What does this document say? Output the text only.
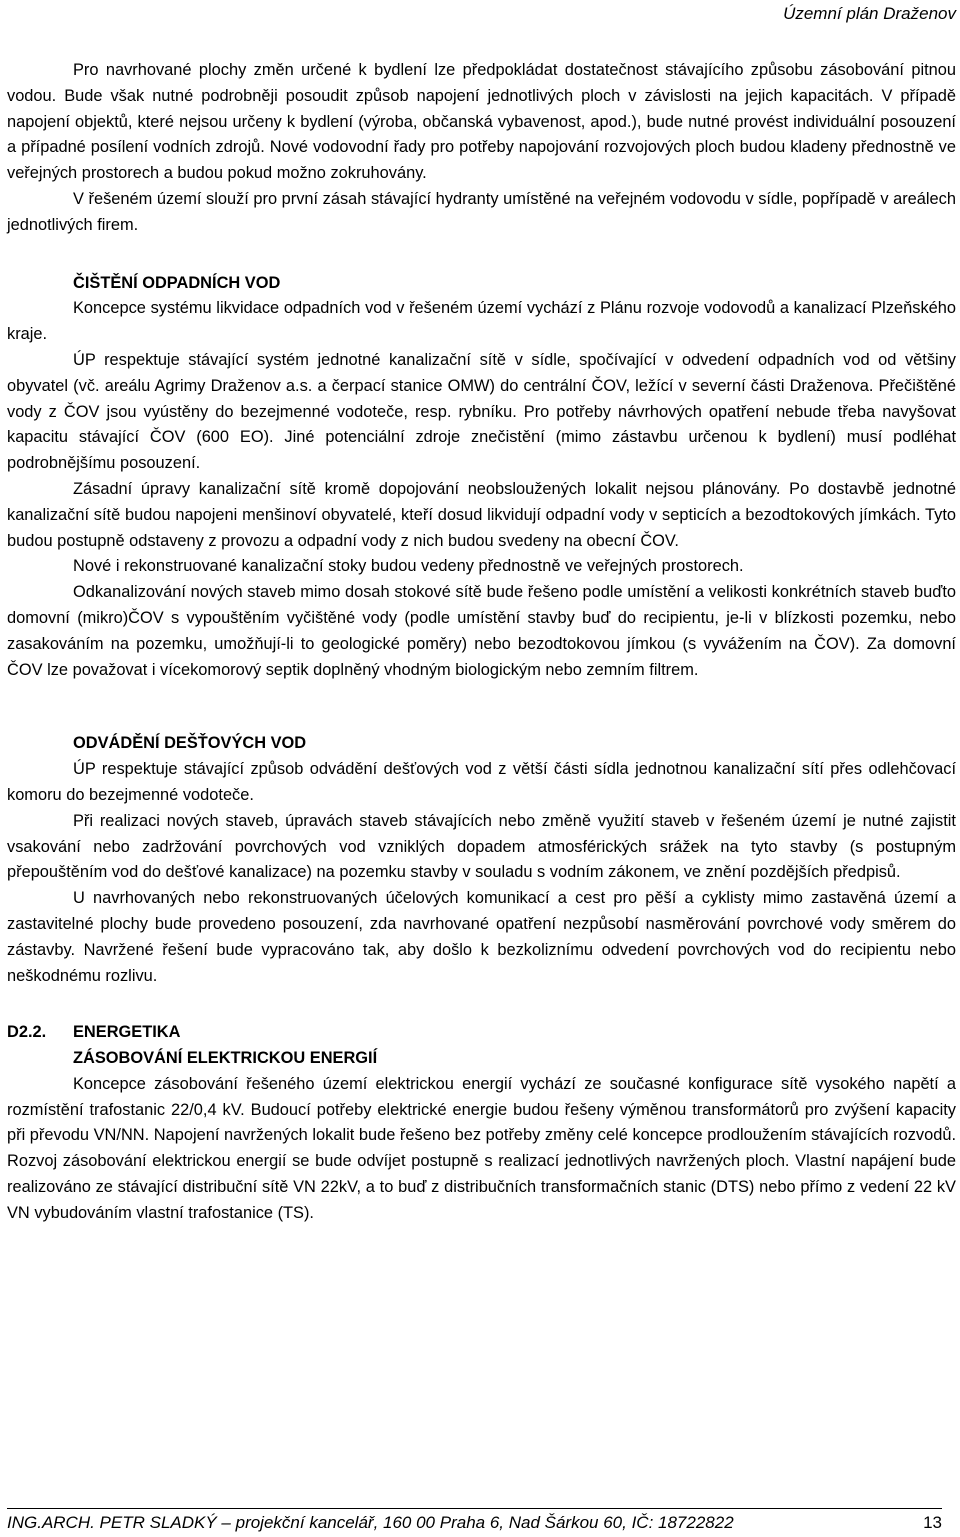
Územní plán Draženov

Pro navrhované plochy změn určené k bydlení lze předpokládat dostatečnost stávajícího způsobu zásobování pitnou vodou. Bude však nutné podrobněji posoudit způsob napojení jednotlivých ploch v závislosti na jejich kapacitách. V případě napojení objektů, které nejsou určeny k bydlení (výroba, občanská vybavenost, apod.), bude nutné provést individuální posouzení a případné posílení vodních zdrojů. Nové vodovodní řady pro potřeby napojování rozvojových ploch budou kladeny přednostně ve veřejných prostorech a budou pokud možno zokruhovány.

V řešeném území slouží pro první zásah stávající hydranty umístěné na veřejném vodovodu v sídle, popřípadě v areálech jednotlivých firem.

ČIŠTĚNÍ ODPADNÍCH VOD

Koncepce systému likvidace odpadních vod v řešeném území vychází z Plánu rozvoje vodovodů a kanalizací Plzeňského kraje.

ÚP respektuje stávající systém jednotné kanalizační sítě v sídle, spočívající v odvedení odpadních vod od většiny obyvatel (vč. areálu Agrimy Draženov a.s. a čerpací stanice OMW) do centrální ČOV, ležící v severní části Draženova. Přečištěné vody z ČOV jsou vyústěny do bezejmenné vodoteče, resp. rybníku. Pro potřeby návrhových opatření nebude třeba navyšovat kapacitu stávající ČOV (600 EO). Jiné potenciální zdroje znečistění (mimo zástavbu určenou k bydlení) musí podléhat podrobnějšímu posouzení.

Zásadní úpravy kanalizační sítě kromě dopojování neobsloužených lokalit nejsou plánovány. Po dostavbě jednotné kanalizační sítě budou napojeni menšinoví obyvatelé, kteří dosud likvidují odpadní vody v septicích a bezodtokových jímkách. Tyto budou postupně odstaveny z provozu a odpadní vody z nich budou svedeny na obecní ČOV.

Nové i rekonstruované kanalizační stoky budou vedeny přednostně ve veřejných prostorech.

Odkanalizování nových staveb mimo dosah stokové sítě bude řešeno podle umístění a velikosti konkrétních staveb buďto domovní (mikro)ČOV s vypouštěním vyčištěné vody (podle umístění stavby buď do recipientu, je-li v blízkosti pozemku, nebo zasakováním na pozemku, umožňují-li to geologické poměry) nebo bezodtokovou jímkou (s vyvážením na ČOV). Za domovní ČOV lze považovat i vícekomorový septik doplněný vhodným biologickým nebo zemním filtrem.

ODVÁDĚNÍ DEŠŤOVÝCH VOD

ÚP respektuje stávající způsob odvádění dešťových vod z větší části sídla jednotnou kanalizační sítí přes odlehčovací komoru do bezejmenné vodoteče.

Při realizaci nových staveb, úpravách staveb stávajících nebo změně využití staveb v řešeném území je nutné zajistit vsakování nebo zadržování povrchových vod vzniklých dopadem atmosférických srážek na tyto stavby (s postupným přepouštěním vod do dešťové kanalizace) na pozemku stavby v souladu s vodním zákonem, ve znění pozdějších předpisů.

U navrhovaných nebo rekonstruovaných účelových komunikací a cest pro pěší a cyklisty mimo zastavěná území a zastavitelné plochy bude provedeno posouzení, zda navrhované opatření nezpůsobí nasměrování povrchové vody směrem do zástavby. Navržené řešení bude vypracováno tak, aby došlo k bezkoliznímu odvedení povrchových vod do recipientu nebo neškodnému rozlivu.

D2.2.	ENERGETIKA

ZÁSOBOVÁNÍ ELEKTRICKOU ENERGIÍ

Koncepce zásobování řešeného území elektrickou energií vychází ze současné konfigurace sítě vysokého napětí a rozmístění trafostanic 22/0,4 kV. Budoucí potřeby elektrické energie budou řešeny výměnou transformátorů pro zvýšení kapacity při převodu VN/NN. Napojení navržených lokalit bude řešeno bez potřeby změny celé koncepce prodloužením stávajících rozvodů. Rozvoj zásobování elektrickou energií se bude odvíjet postupně s realizací jednotlivých navržených ploch. Vlastní napájení bude realizováno ze stávající distribuční sítě VN 22kV, a to buď z distribučních transformačních stanic (DTS) nebo přímo z vedení 22 kV VN vybudováním vlastní trafostanice (TS).

ING.ARCH. PETR SLADKÝ – projekční kancelář, 160 00 Praha 6, Nad Šárkou 60, IČ: 18722822	13
